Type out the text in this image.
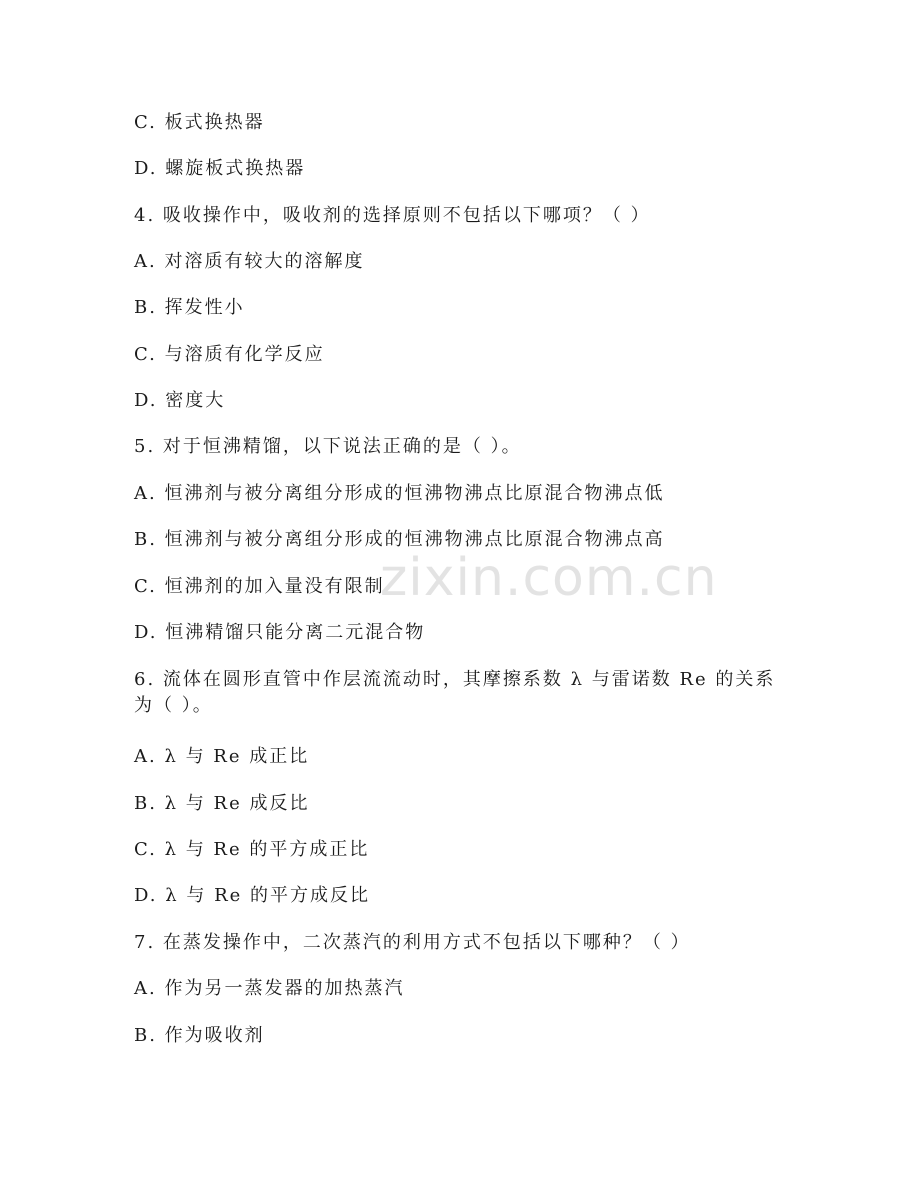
zixin.com.cn
C. 板式换热器
D. 螺旋板式换热器
4. 吸收操作中，吸收剂的选择原则不包括以下哪项？（ ）
A. 对溶质有较大的溶解度
B. 挥发性小
C. 与溶质有化学反应
D. 密度大
5. 对于恒沸精馏，以下说法正确的是（ ）。
A. 恒沸剂与被分离组分形成的恒沸物沸点比原混合物沸点低
B. 恒沸剂与被分离组分形成的恒沸物沸点比原混合物沸点高
C. 恒沸剂的加入量没有限制
D. 恒沸精馏只能分离二元混合物
6. 流体在圆形直管中作层流流动时，其摩擦系数 λ 与雷诺数 Re 的关系为（ ）。
A. λ 与 Re 成正比
B. λ 与 Re 成反比
C. λ 与 Re 的平方成正比
D. λ 与 Re 的平方成反比
7. 在蒸发操作中，二次蒸汽的利用方式不包括以下哪种？（ ）
A. 作为另一蒸发器的加热蒸汽
B. 作为吸收剂
